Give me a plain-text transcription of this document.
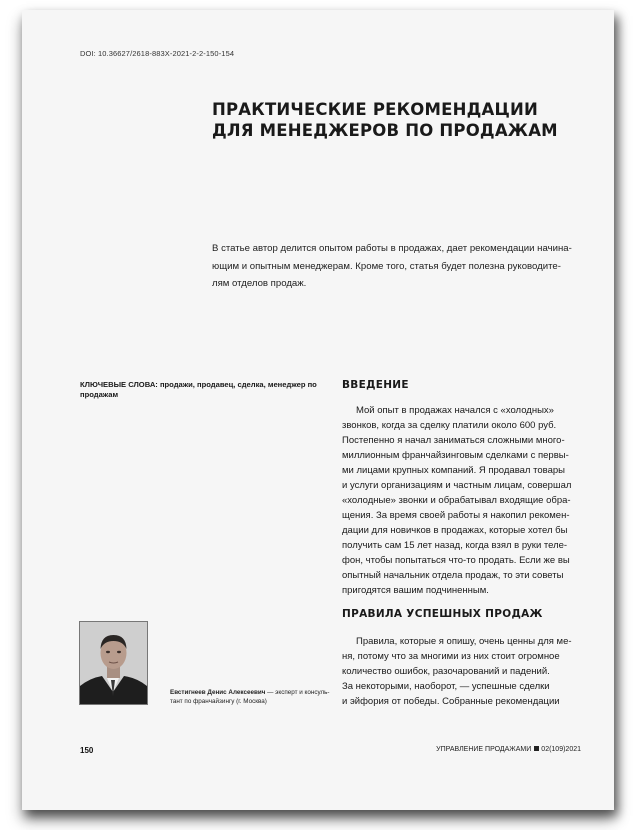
DOI: 10.36627/2618-883X-2021-2-2-150-154
ПРАКТИЧЕСКИЕ РЕКОМЕНДАЦИИ
ДЛЯ МЕНЕДЖЕРОВ ПО ПРОДАЖАМ
В статье автор делится опытом работы в продажах, дает рекомендации начина-
ющим и опытным менеджерам. Кроме того, статья будет полезна руководите-
лям отделов продаж.
КЛЮЧЕВЫЕ СЛОВА: продажи, продавец, сделка, менеджер по продажам
ВВЕДЕНИЕ
Мой опыт в продажах начался с «холодных»
звонков, когда за сделку платили около 600 руб.
Постепенно я начал заниматься сложными много-
миллионным франчайзинговым сделками с первы-
ми лицами крупных компаний. Я продавал товары
и услуги организациям и частным лицам, совершал
«холодные» звонки и обрабатывал входящие обра-
щения. За время своей работы я накопил рекомен-
дации для новичков в продажах, которые хотел бы
получить сам 15 лет назад, когда взял в руки теле-
фон, чтобы попытаться что-то продать. Если же вы
опытный начальник отдела продаж, то эти советы
пригодятся вашим подчиненным.
ПРАВИЛА УСПЕШНЫХ ПРОДАЖ
Правила, которые я опишу, очень ценны для ме-
ня, потому что за многими из них стоит огромное
количество ошибок, разочарований и падений.
За некоторыми, наоборот, — успешные сделки
и эйфория от победы. Собранные рекомендации
Евстигнеев Денис Алексеевич — эксперт и консуль-
тант по франчайзингу (г. Москва)
150	УПРАВЛЕНИЕ ПРОДАЖАМИ 02(109)2021
